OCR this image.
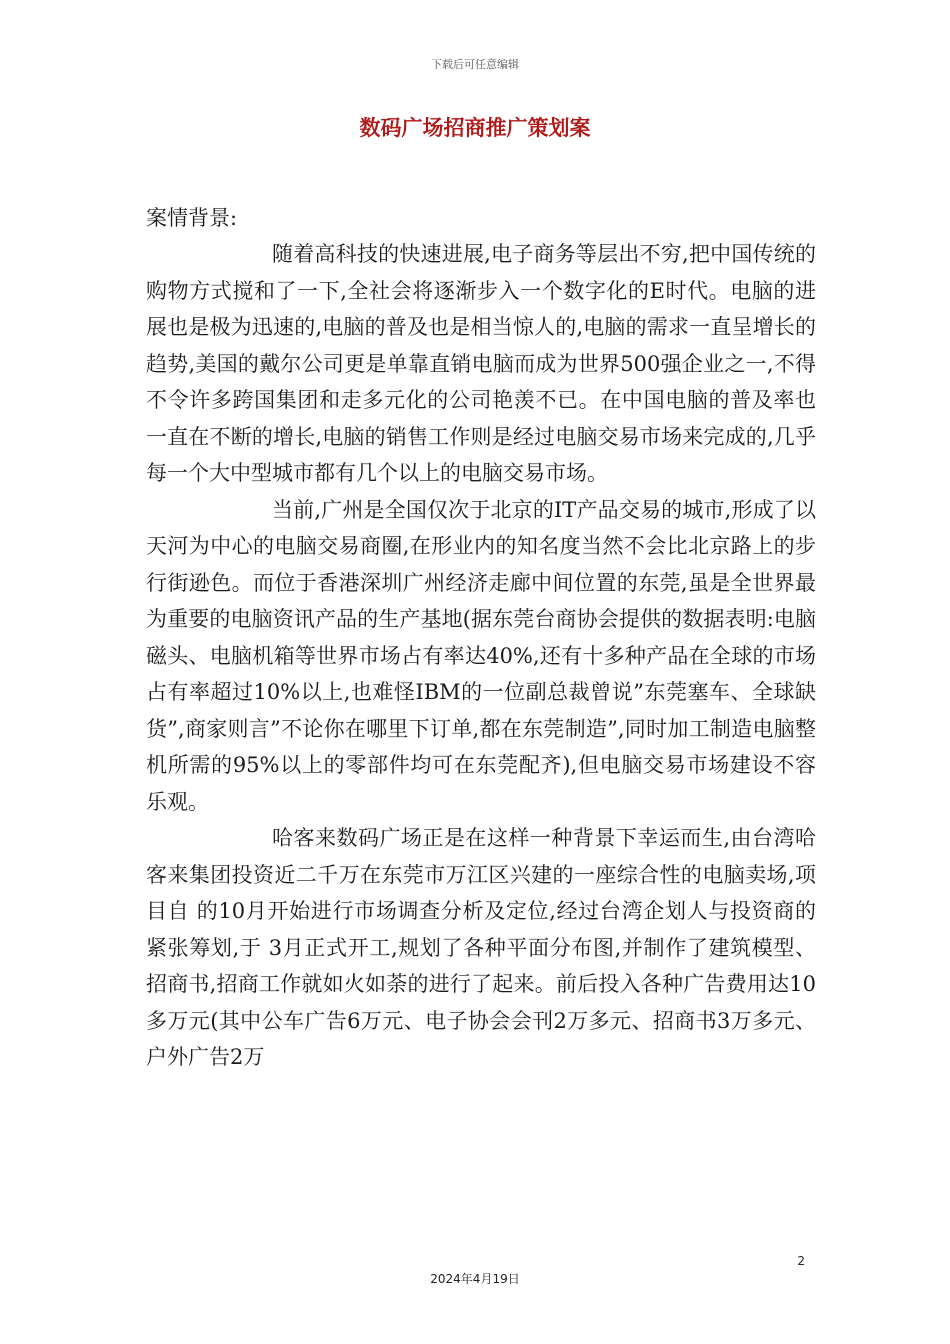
下载后可任意编辑
数码广场招商推广策划案

案情背景:

随着高科技的快速进展,电子商务等层出不穷,把中国传统的购物方式搅和了一下,全社会将逐渐步入一个数字化的E时代。电脑的进展也是极为迅速的,电脑的普及也是相当惊人的,电脑的需求一直呈增长的趋势,美国的戴尔公司更是单靠直销电脑而成为世界500强企业之一,不得不令许多跨国集团和走多元化的公司艳羡不已。在中国电脑的普及率也一直在不断的增长,电脑的销售工作则是经过电脑交易市场来完成的,几乎每一个大中型城市都有几个以上的电脑交易市场。

当前,广州是全国仅次于北京的IT产品交易的城市,形成了以天河为中心的电脑交易商圈,在形业内的知名度当然不会比北京路上的步行街逊色。而位于香港深圳广州经济走廊中间位置的东莞,虽是全世界最为重要的电脑资讯产品的生产基地(据东莞台商协会提供的数据表明:电脑磁头、电脑机箱等世界市场占有率达40%,还有十多种产品在全球的市场占有率超过10%以上,也难怪IBM的一位副总裁曾说”东莞塞车、全球缺货”,商家则言”不论你在哪里下订单,都在东莞制造”,同时加工制造电脑整机所需的95%以上的零部件均可在东莞配齐),但电脑交易市场建设不容乐观。

哈客来数码广场正是在这样一种背景下幸运而生,由台湾哈客来集团投资近二千万在东莞市万江区兴建的一座综合性的电脑卖场,项目自 的10月开始进行市场调查分析及定位,经过台湾企划人与投资商的紧张筹划,于 3月正式开工,规划了各种平面分布图,并制作了建筑模型、招商书,招商工作就如火如荼的进行了起来。前后投入各种广告费用达10多万元(其中公车广告6万元、电子协会会刊2万多元、招商书3万多元、户外广告2万

2
2024年4月19日
